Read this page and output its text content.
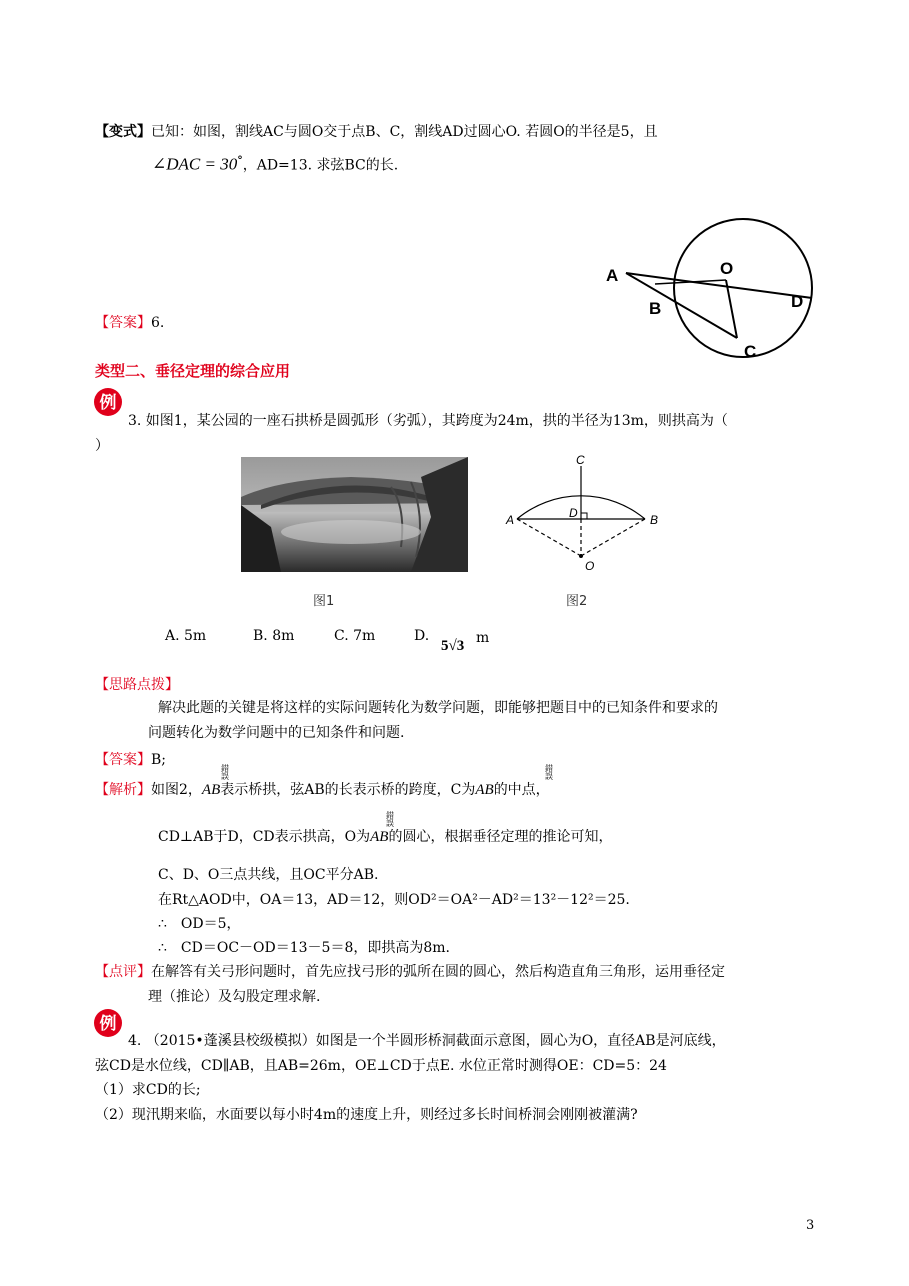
【变式】已知：如图，割线AC与圆O交于点B、C，割线AD过圆心O. 若圆O的半径是5，且
∠DAC = 30°，AD=13. 求弦BC的长.
A
B
O
D
C
【答案】6.
类型二、垂径定理的综合应用
例
3. 如图1，某公园的一座石拱桥是圆弧形（劣弧），其跨度为24m，拱的半径为13m，则拱高为（
）
图1
C
A	D	B
O
图2
A. 5m	B. 8m	C. 7m	D.
5√3 m
【思路点拨】
解决此题的关键是将这样的实际问题转化为数学问题，即能够把题目中的已知条件和要求的
问题转化为数学问题中的已知条件和问题.
【答案】B;
【解析】如图2，AB表示桥拱，弦AB的长表示桥的跨度，C为AB的中点，
錯誤
錯誤
CD⊥AB于D，CD表示拱高，O为AB的圆心，根据垂径定理的推论可知，
錯誤
C、D、O三点共线，且OC平分AB.
在Rt△AOD中，OA＝13，AD＝12，则OD²＝OA²－AD²＝13²－12²＝25.
∴　OD＝5，
∴　CD＝OC－OD＝13－5＝8，即拱高为8m.
【点评】在解答有关弓形问题时，首先应找弓形的弧所在圆的圆心，然后构造直角三角形，运用垂径定
理（推论）及勾股定理求解.
例
4. （2015•蓬溪县校级模拟）如图是一个半圆形桥洞截面示意图，圆心为O，直径AB是河底线，
弦CD是水位线，CD∥AB，且AB=26m，OE⊥CD于点E. 水位正常时测得OE：CD=5：24
（1）求CD的长;
（2）现汛期来临，水面要以每小时4m的速度上升，则经过多长时间桥洞会刚刚被灌满?
3
